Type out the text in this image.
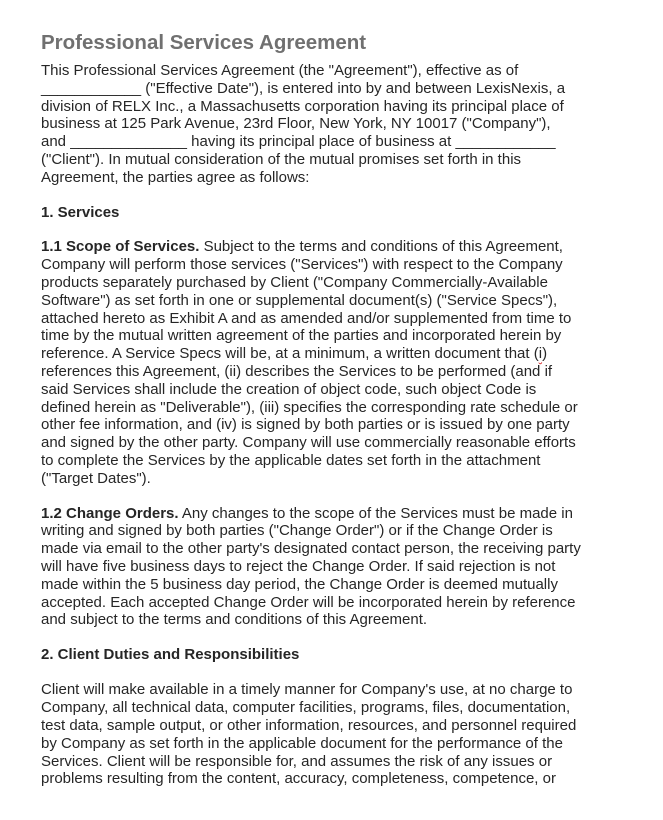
Professional Services Agreement
This Professional Services Agreement (the "Agreement"), effective as of
____________ ("Effective Date"), is entered into by and between LexisNexis, a
division of RELX Inc., a Massachusetts corporation having its principal place of
business at 125 Park Avenue, 23rd Floor, New York, NY 10017 ("Company"),
and ______________ having its principal place of business at ____________
("Client"). In mutual consideration of the mutual promises set forth in this
Agreement, the parties agree as follows:
1. Services
1.1 Scope of Services. Subject to the terms and conditions of this Agreement,
Company will perform those services ("Services") with respect to the Company
products separately purchased by Client ("Company Commercially-Available
Software") as set forth in one or supplemental document(s) ("Service Specs"),
attached hereto as Exhibit A and as amended and/or supplemented from time to
time by the mutual written agreement of the parties and incorporated herein by
reference. A Service Specs will be, at a minimum, a written document that (i)
references this Agreement, (ii) describes the Services to be performed (and if
said Services shall include the creation of object code, such object Code is
defined herein as "Deliverable"), (iii) specifies the corresponding rate schedule or
other fee information, and (iv) is signed by both parties or is issued by one party
and signed by the other party. Company will use commercially reasonable efforts
to complete the Services by the applicable dates set forth in the attachment
("Target Dates").
1.2 Change Orders. Any changes to the scope of the Services must be made in
writing and signed by both parties ("Change Order") or if the Change Order is
made via email to the other party's designated contact person, the receiving party
will have five business days to reject the Change Order. If said rejection is not
made within the 5 business day period, the Change Order is deemed mutually
accepted. Each accepted Change Order will be incorporated herein by reference
and subject to the terms and conditions of this Agreement.
2. Client Duties and Responsibilities
Client will make available in a timely manner for Company's use, at no charge to
Company, all technical data, computer facilities, programs, files, documentation,
test data, sample output, or other information, resources, and personnel required
by Company as set forth in the applicable document for the performance of the
Services. Client will be responsible for, and assumes the risk of any issues or
problems resulting from the content, accuracy, completeness, competence, or
